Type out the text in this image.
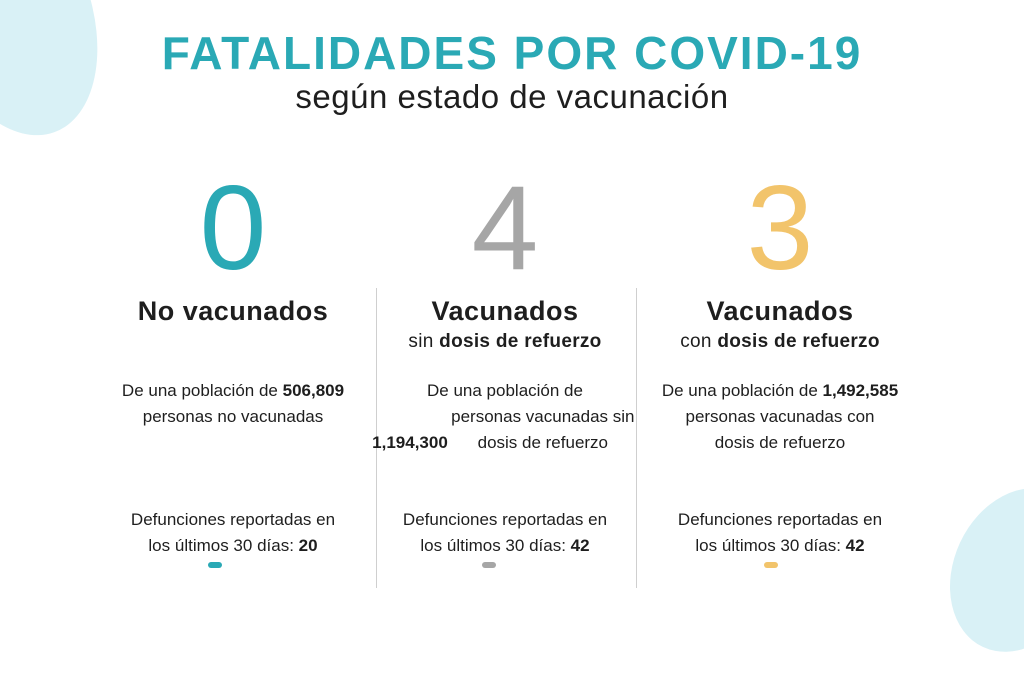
FATALIDADES POR COVID-19
según estado de vacunación
0
No vacunados
De una población de 506,809
personas no vacunadas
Defunciones reportadas en
los últimos 30 días: 20
4
Vacunados
sin dosis de refuerzo
De una población de
1,194,300personas vacunadas sin dosis de refuerzo
Defunciones reportadas en
los últimos 30 días: 42
3
Vacunados
con dosis de refuerzo
De una población de 1,492,585
personas vacunadas con dosis de refuerzo
Defunciones reportadas en
los últimos 30 días: 42
